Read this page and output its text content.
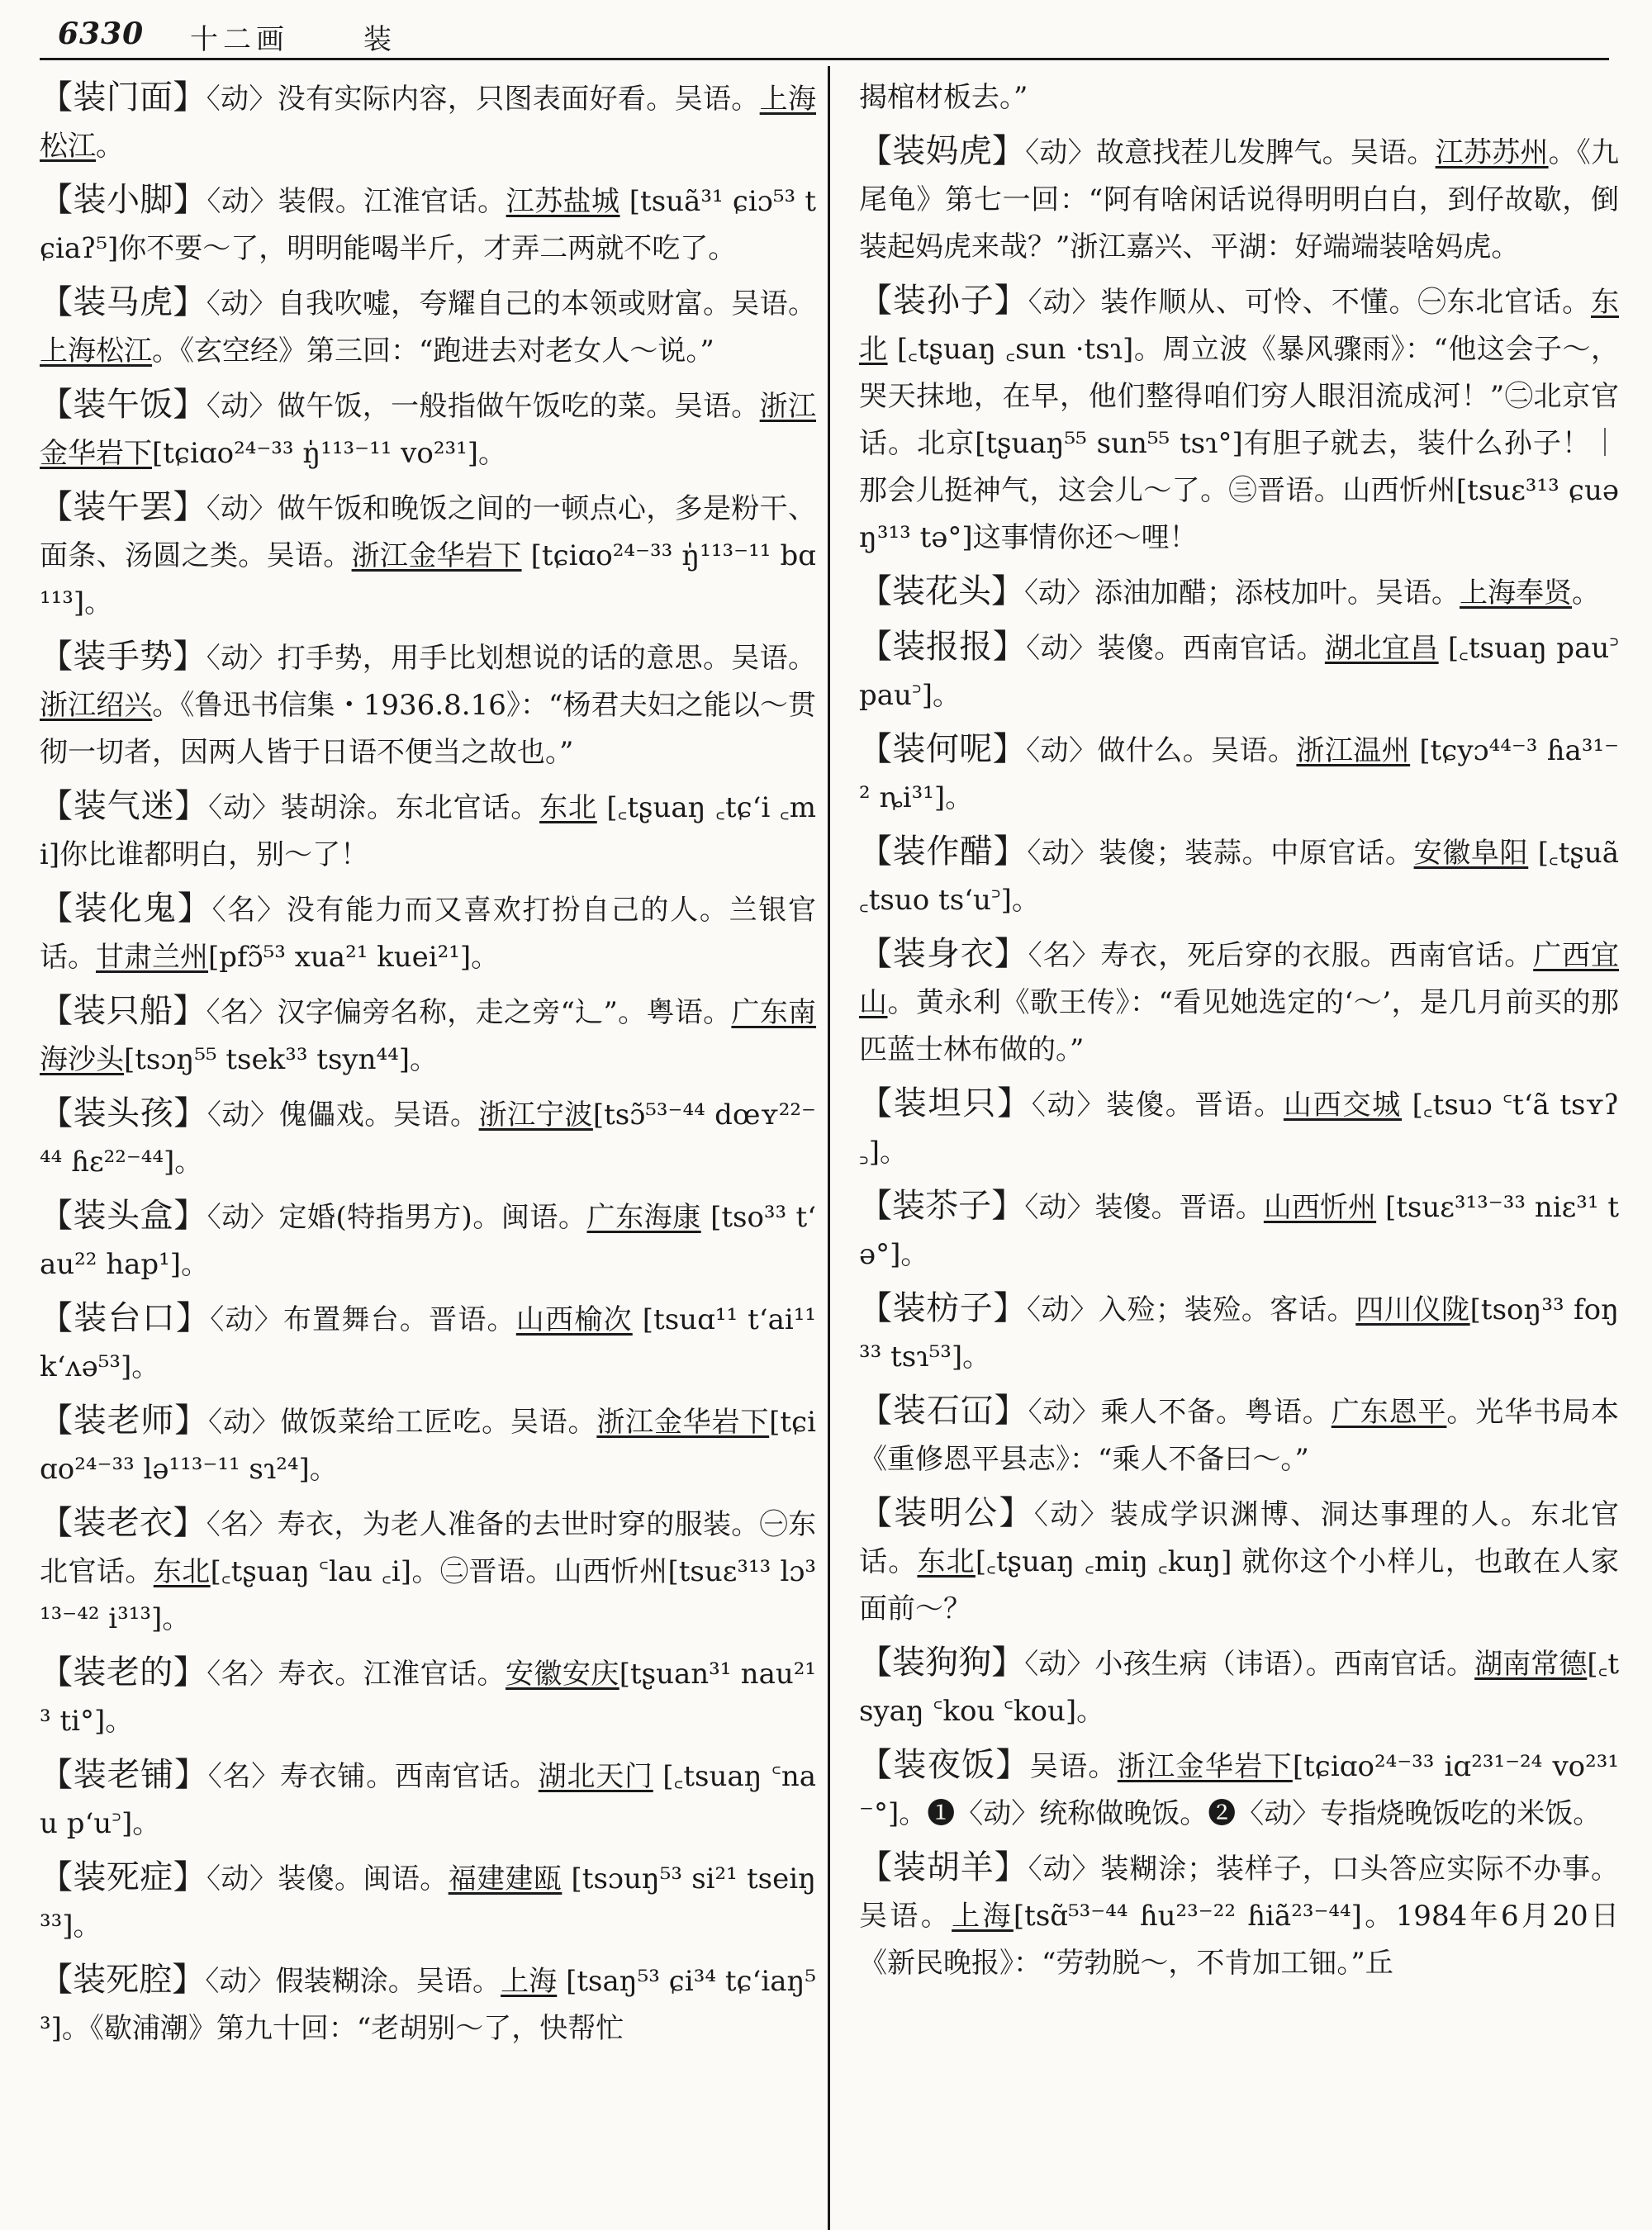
6330 十二画	装

【装门面】〈动〉没有实际内容，只图表面好看。吴语。上海松江。

【装小脚】〈动〉装假。江淮官话。江苏盐城 [tsuã³¹ ɕiɔ⁵³ tɕiaʔ⁵]你不要～了，明明能喝半斤，才弄二两就不吃了。

【装马虎】〈动〉自我吹嘘，夸耀自己的本领或财富。吴语。上海松江。《玄空经》第三回：“跑进去对老女人～说。”

【装午饭】〈动〉做午饭，一般指做午饭吃的菜。吴语。浙江金华岩下[tɕiɑo²⁴⁻³³ ŋ̍¹¹³⁻¹¹ vo²³¹]。

【装午罢】〈动〉做午饭和晚饭之间的一顿点心，多是粉干、面条、汤圆之类。吴语。浙江金华岩下 [tɕiɑo²⁴⁻³³ ŋ̍¹¹³⁻¹¹ bɑ¹¹³]。

【装手势】〈动〉打手势，用手比划想说的话的意思。吴语。浙江绍兴。《鲁迅书信集・1936.8.16》：“杨君夫妇之能以～贯彻一切者，因两人皆于日语不便当之故也。”

【装气迷】〈动〉装胡涂。东北官话。东北 [꜀tʂuaŋ ꜀tɕʻi ꜀mi]你比谁都明白，别～了！

【装化鬼】〈名〉没有能力而又喜欢打扮自己的人。兰银官话。甘肃兰州[pfɔ̃⁵³ xua²¹ kuei²¹]。

【装只船】〈名〉汉字偏旁名称，走之旁“辶”。粤语。广东南海沙头[tsɔŋ⁵⁵ tsek³³ tsyn⁴⁴]。

【装头孩】〈动〉傀儡戏。吴语。浙江宁波[tsɔ̃⁵³⁻⁴⁴ dœʏ²²⁻⁴⁴ ɦɛ²²⁻⁴⁴]。

【装头盒】〈动〉定婚(特指男方)。闽语。广东海康 [tso³³ tʻau²² hap¹]。

【装台口】〈动〉布置舞台。晋语。山西榆次 [tsuɑ¹¹ tʻai¹¹ kʻʌə⁵³]。

【装老师】〈动〉做饭菜给工匠吃。吴语。浙江金华岩下[tɕiɑo²⁴⁻³³ lə¹¹³⁻¹¹ sɿ²⁴]。

【装老衣】〈名〉寿衣，为老人准备的去世时穿的服装。㊀东北官话。东北[꜀tʂuaŋ ꜂lau ꜀i]。㊁晋语。山西忻州[tsuɛ³¹³ lɔ³¹³⁻⁴² i³¹³]。

【装老的】〈名〉寿衣。江淮官话。安徽安庆[tʂuan³¹ nau²¹³ ti°]。

【装老铺】〈名〉寿衣铺。西南官话。湖北天门 [꜀tsuaŋ ꜂nau pʻu꜄]。

【装死症】〈动〉装傻。闽语。福建建瓯 [tsɔuŋ⁵³ si²¹ tseiŋ³³]。

【装死腔】〈动〉假装糊涂。吴语。上海 [tsaŋ⁵³ ɕi³⁴ tɕʻiaŋ⁵³]。《歇浦潮》第九十回：“老胡别～了，快帮忙

揭棺材板去。”

【装妈虎】〈动〉故意找茬儿发脾气。吴语。江苏苏州。《九尾龟》第七一回：“阿有啥闲话说得明明白白，到仔故歇，倒装起妈虎来哉？”浙江嘉兴、平湖：好端端装啥妈虎。

【装孙子】〈动〉装作顺从、可怜、不懂。㊀东北官话。东北 [꜀tʂuaŋ ꜀sun ·tsɿ]。周立波《暴风骤雨》：“他这会子～，哭天抹地，在早，他们整得咱们穷人眼泪流成河！”㊁北京官话。北京[tʂuaŋ⁵⁵ sun⁵⁵ tsɿ°]有胆子就去，装什么孙子！｜那会儿挺神气，这会儿～了。㊂晋语。山西忻州[tsuɛ³¹³ ɕuəŋ³¹³ tə°]这事情你还～哩！

【装花头】〈动〉添油加醋；添枝加叶。吴语。上海奉贤。

【装报报】〈动〉装傻。西南官话。湖北宜昌 [꜀tsuaŋ pau꜄ pau꜄]。

【装何呢】〈动〉做什么。吴语。浙江温州 [tɕyɔ⁴⁴⁻³ ɦa³¹⁻² ȵi³¹]。

【装作醋】〈动〉装傻；装蒜。中原官话。安徽阜阳 [꜀tʂuã ꜀tsuo tsʻu꜄]。

【装身衣】〈名〉寿衣，死后穿的衣服。西南官话。广西宜山。黄永利《歌王传》：“看见她选定的‘～’，是几月前买的那匹蓝士林布做的。”

【装坦只】〈动〉装傻。晋语。山西交城 [꜀tsuɔ ꜂tʻã tsʏʔ꜆]。

【装苶子】〈动〉装傻。晋语。山西忻州 [tsuɛ³¹³⁻³³ niɛ³¹ tə°]。

【装枋子】〈动〉入殓；装殓。客话。四川仪陇[tsoŋ³³ foŋ³³ tsɿ⁵³]。

【装石冚】〈动〉乘人不备。粤语。广东恩平。光华书局本《重修恩平县志》：“乘人不备曰～。”

【装明公】〈动〉装成学识渊博、洞达事理的人。东北官话。东北[꜀tʂuaŋ ꜀miŋ ꜀kuŋ] 就你这个小样儿，也敢在人家面前～？

【装狗狗】〈动〉小孩生病（讳语）。西南官话。湖南常德[꜀tsyaŋ ꜂kou ꜂kou]。

【装夜饭】吴语。浙江金华岩下[tɕiɑo²⁴⁻³³ iɑ²³¹⁻²⁴ vo²³¹⁻°]。❶〈动〉统称做晚饭。❷〈动〉专指烧晚饭吃的米饭。

【装胡羊】〈动〉装糊涂；装样子，口头答应实际不办事。吴语。上海[tsɑ̃⁵³⁻⁴⁴ ɦu²³⁻²² ɦiã²³⁻⁴⁴]。1984年6月20日《新民晚报》：“劳勃脱～，不肯加工钿。”丘
